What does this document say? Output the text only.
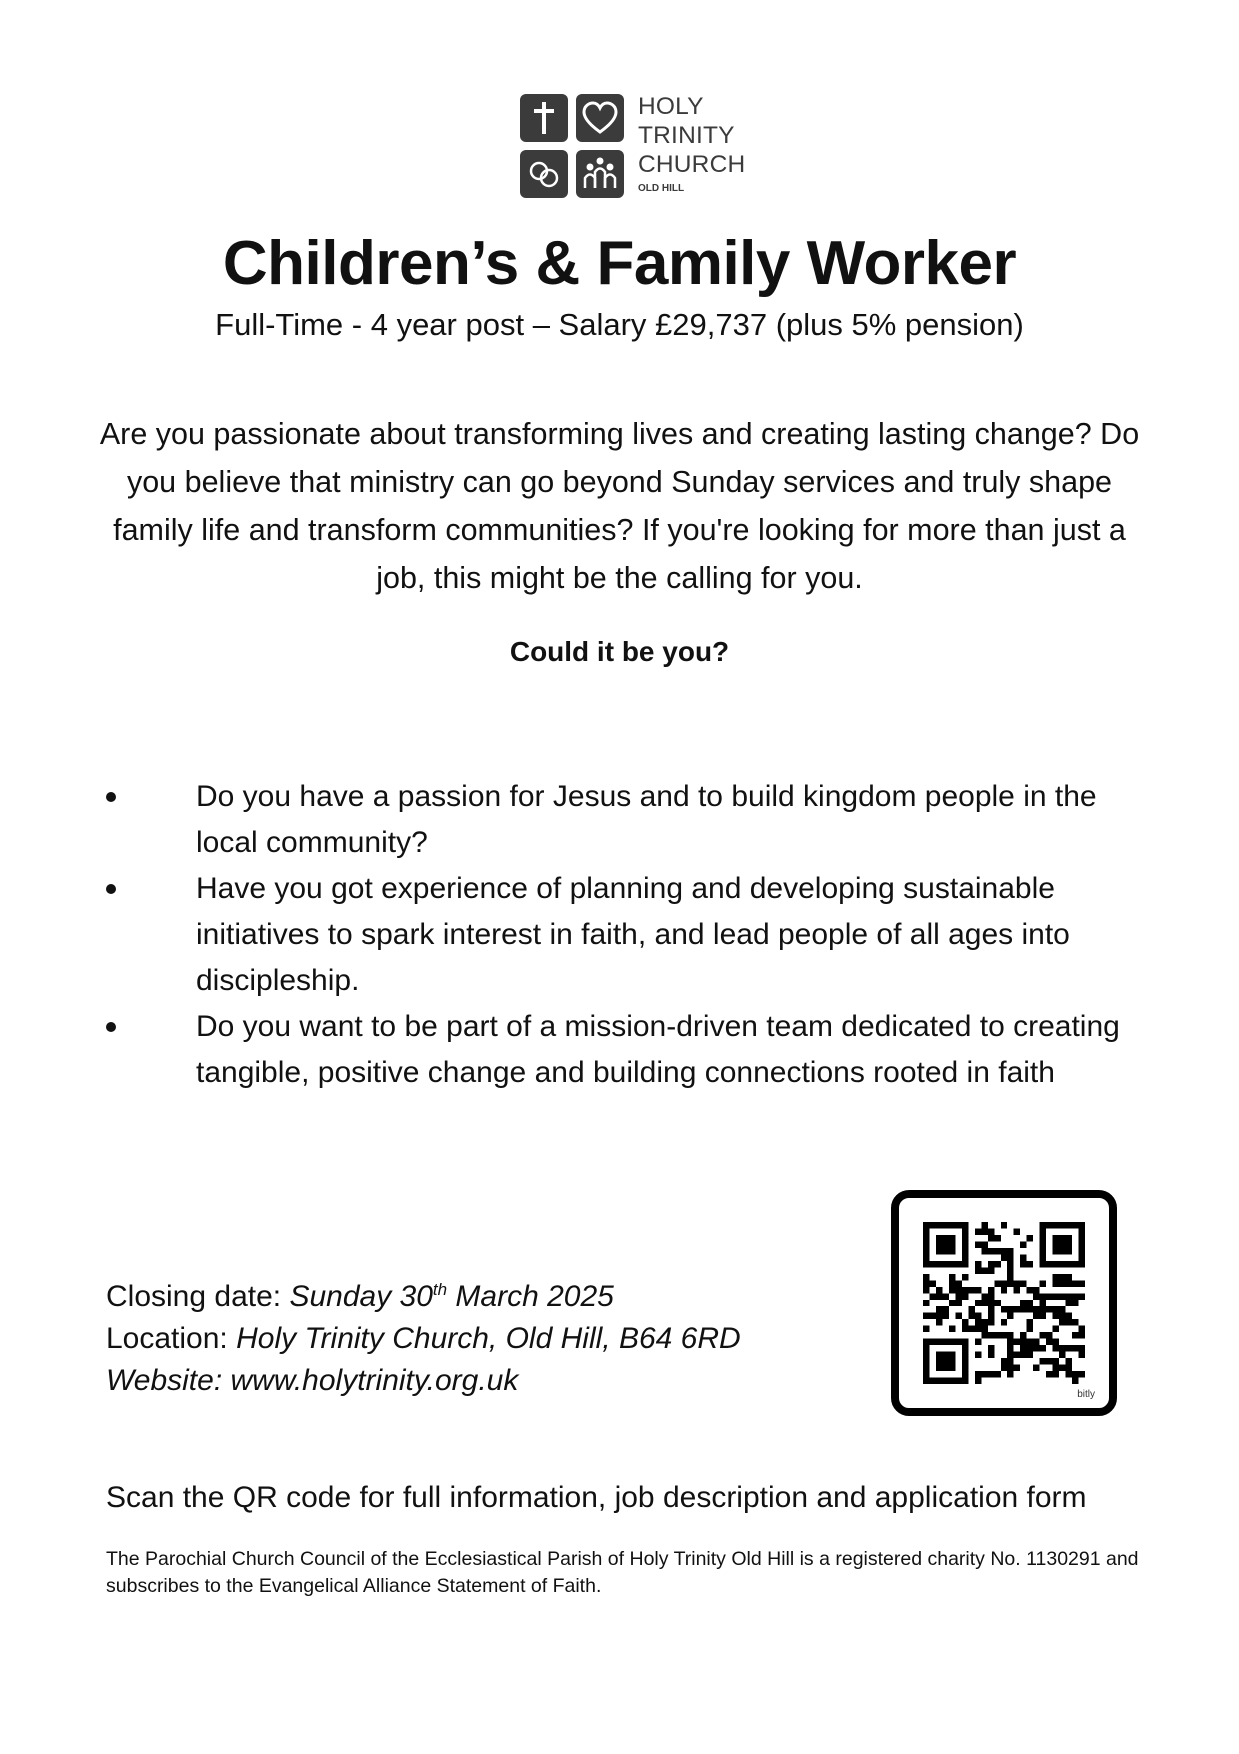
HOLY
TRINITY
CHURCH
OLD HILL
Children’s & Family Worker
Full-Time - 4 year post – Salary £29,737 (plus 5% pension)

Are you passionate about transforming lives and creating lasting change? Do you believe that ministry can go beyond Sunday services and truly shape family life and transform communities? If you're looking for more than just a job, this might be the calling for you.

Could it be you?
Do you have a passion for Jesus and to build kingdom people in the local community?
Have you got experience of planning and developing sustainable initiatives to spark interest in faith, and lead people of all ages into discipleship.
Do you want to be part of a mission-driven team dedicated to creating tangible, positive change and building connections rooted in faith
Closing date: Sunday 30th March 2025
Location: Holy Trinity Church, Old Hill, B64 6RD
Website: www.holytrinity.org.uk	bitly
Scan the QR code for full information, job description and application form
The Parochial Church Council of the Ecclesiastical Parish of Holy Trinity Old Hill is a registered charity No. 1130291 and subscribes to the Evangelical Alliance Statement of Faith.
